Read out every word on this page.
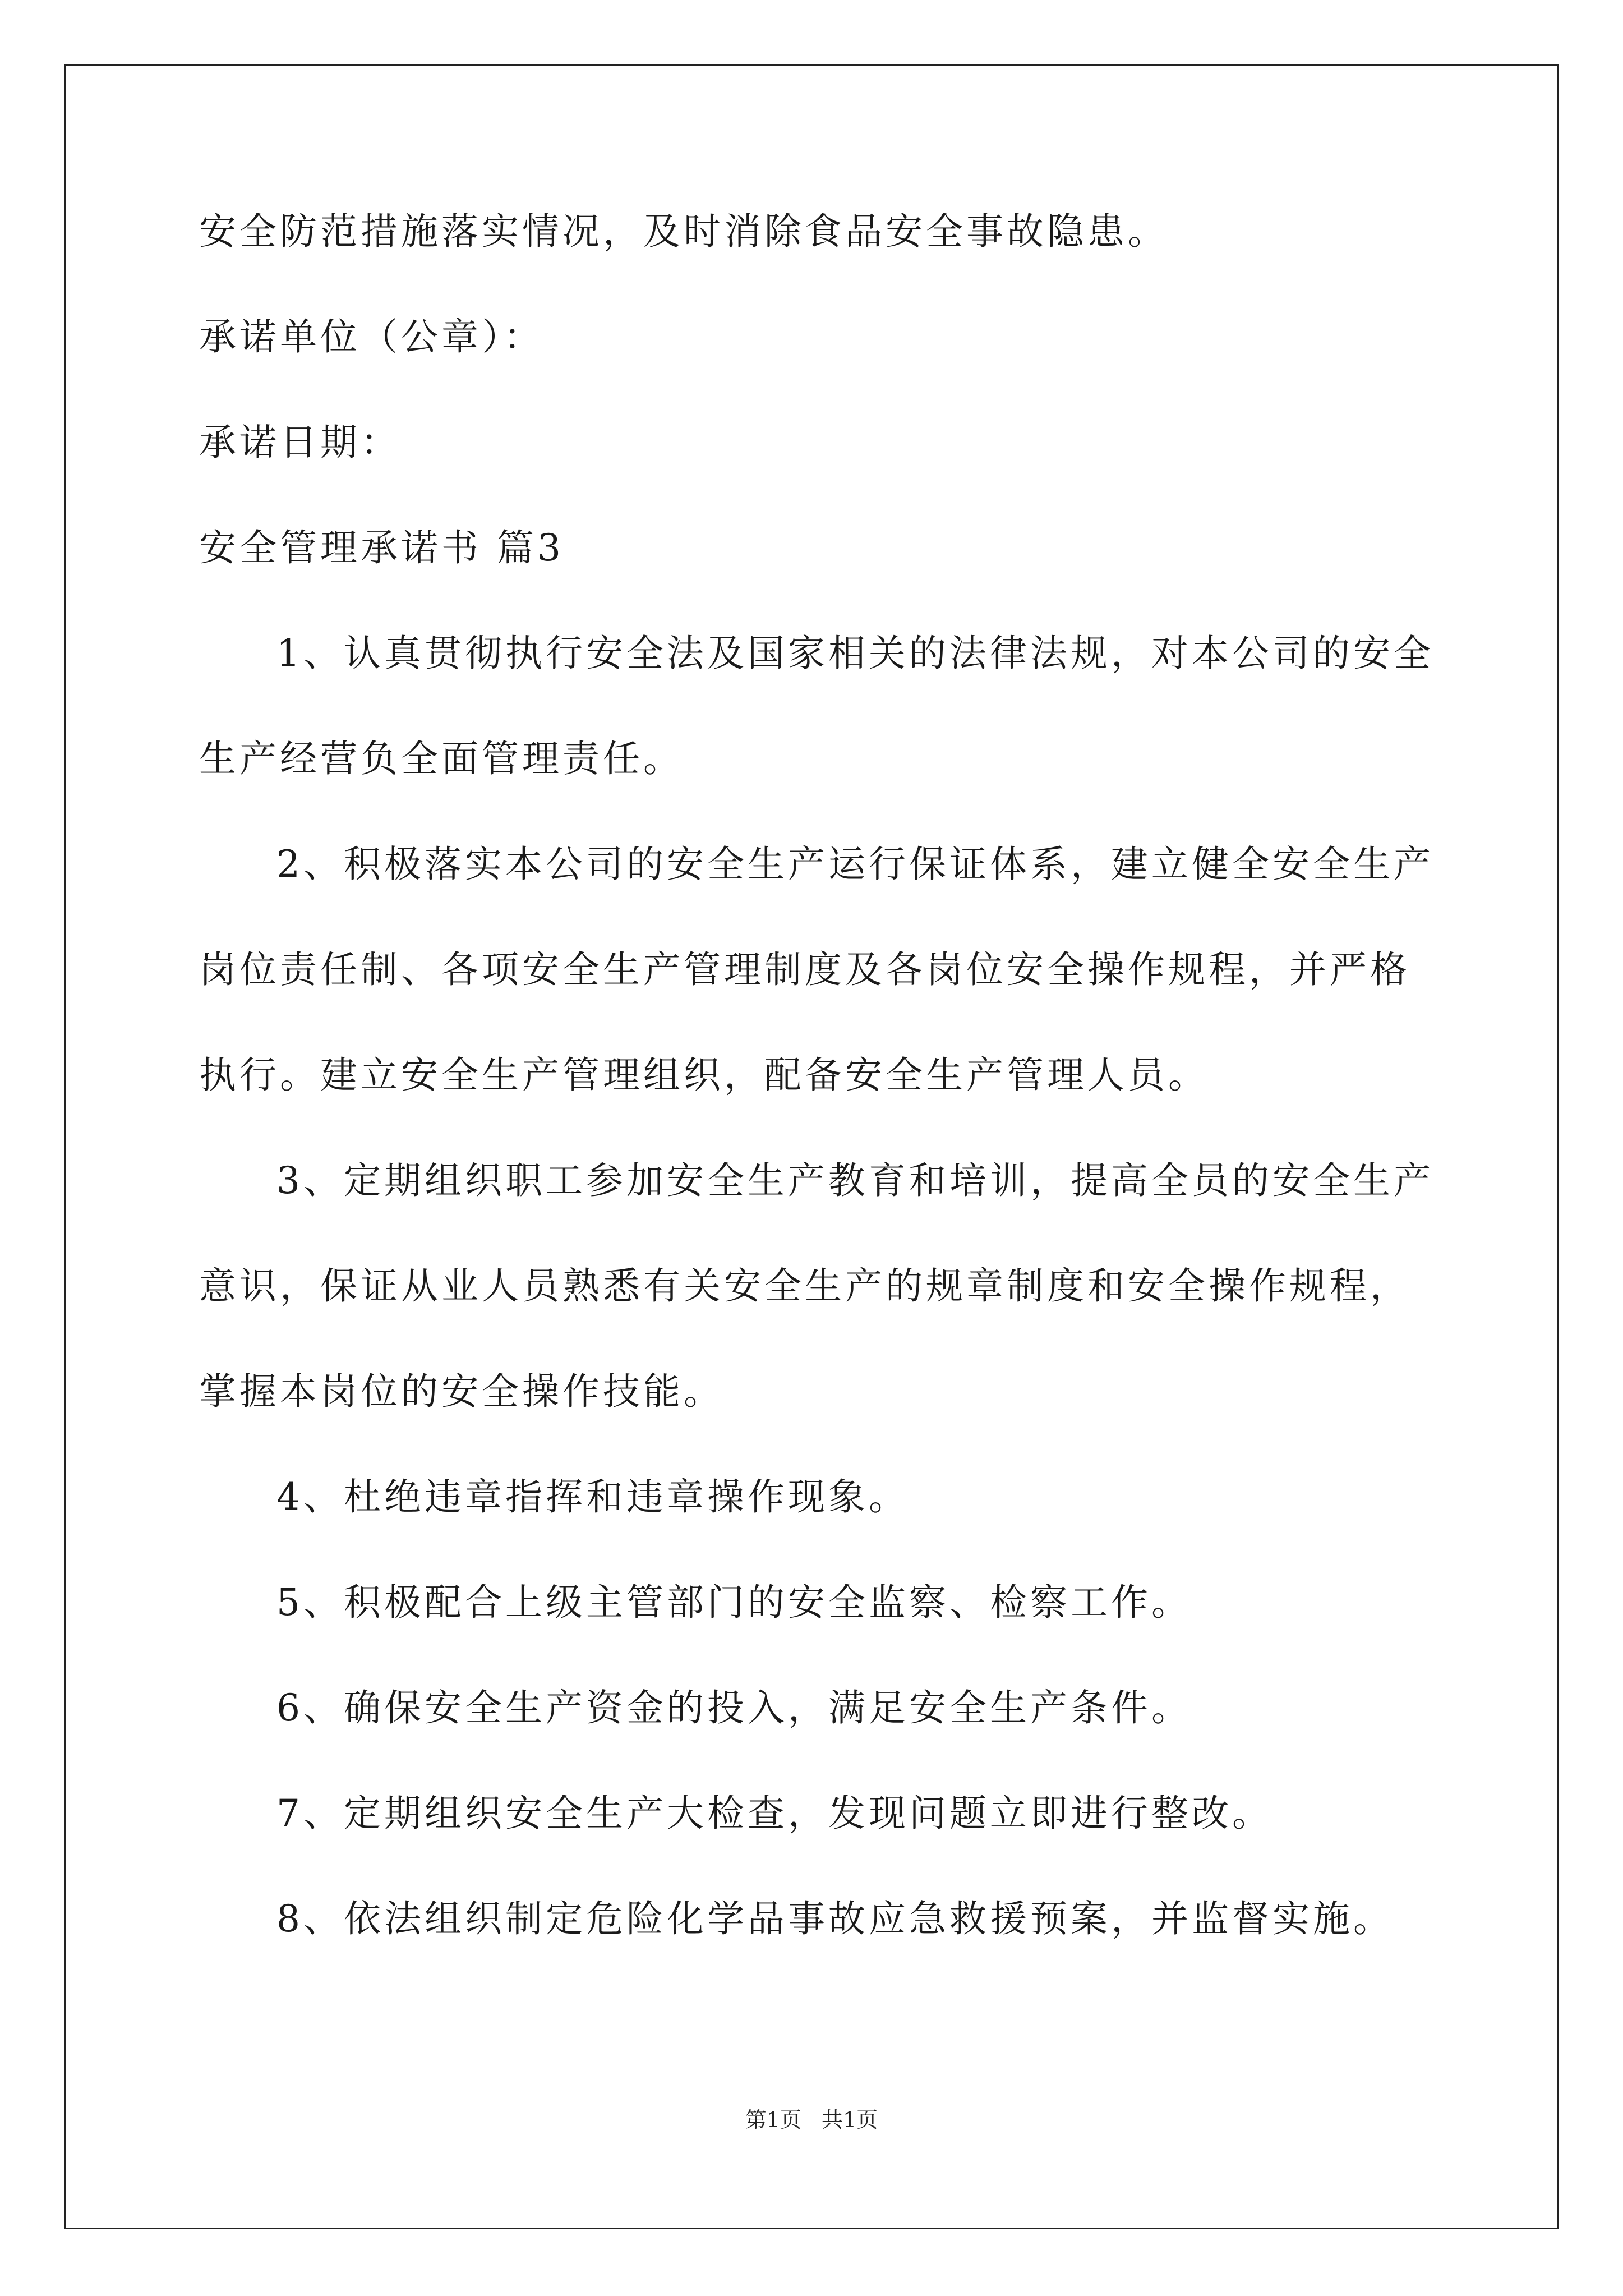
安全防范措施落实情况，及时消除食品安全事故隐患。
承诺单位（公章）：
承诺日期：
安全管理承诺书 篇3
1、认真贯彻执行安全法及国家相关的法律法规，对本公司的安全
生产经营负全面管理责任。
2、积极落实本公司的安全生产运行保证体系，建立健全安全生产
岗位责任制、各项安全生产管理制度及各岗位安全操作规程，并严格
执行。建立安全生产管理组织，配备安全生产管理人员。
3、定期组织职工参加安全生产教育和培训，提高全员的安全生产
意识，保证从业人员熟悉有关安全生产的规章制度和安全操作规程，
掌握本岗位的安全操作技能。
4、杜绝违章指挥和违章操作现象。
5、积极配合上级主管部门的安全监察、检察工作。
6、确保安全生产资金的投入，满足安全生产条件。
7、定期组织安全生产大检查，发现问题立即进行整改。
8、依法组织制定危险化学品事故应急救援预案，并监督实施。
第1页 共1页
